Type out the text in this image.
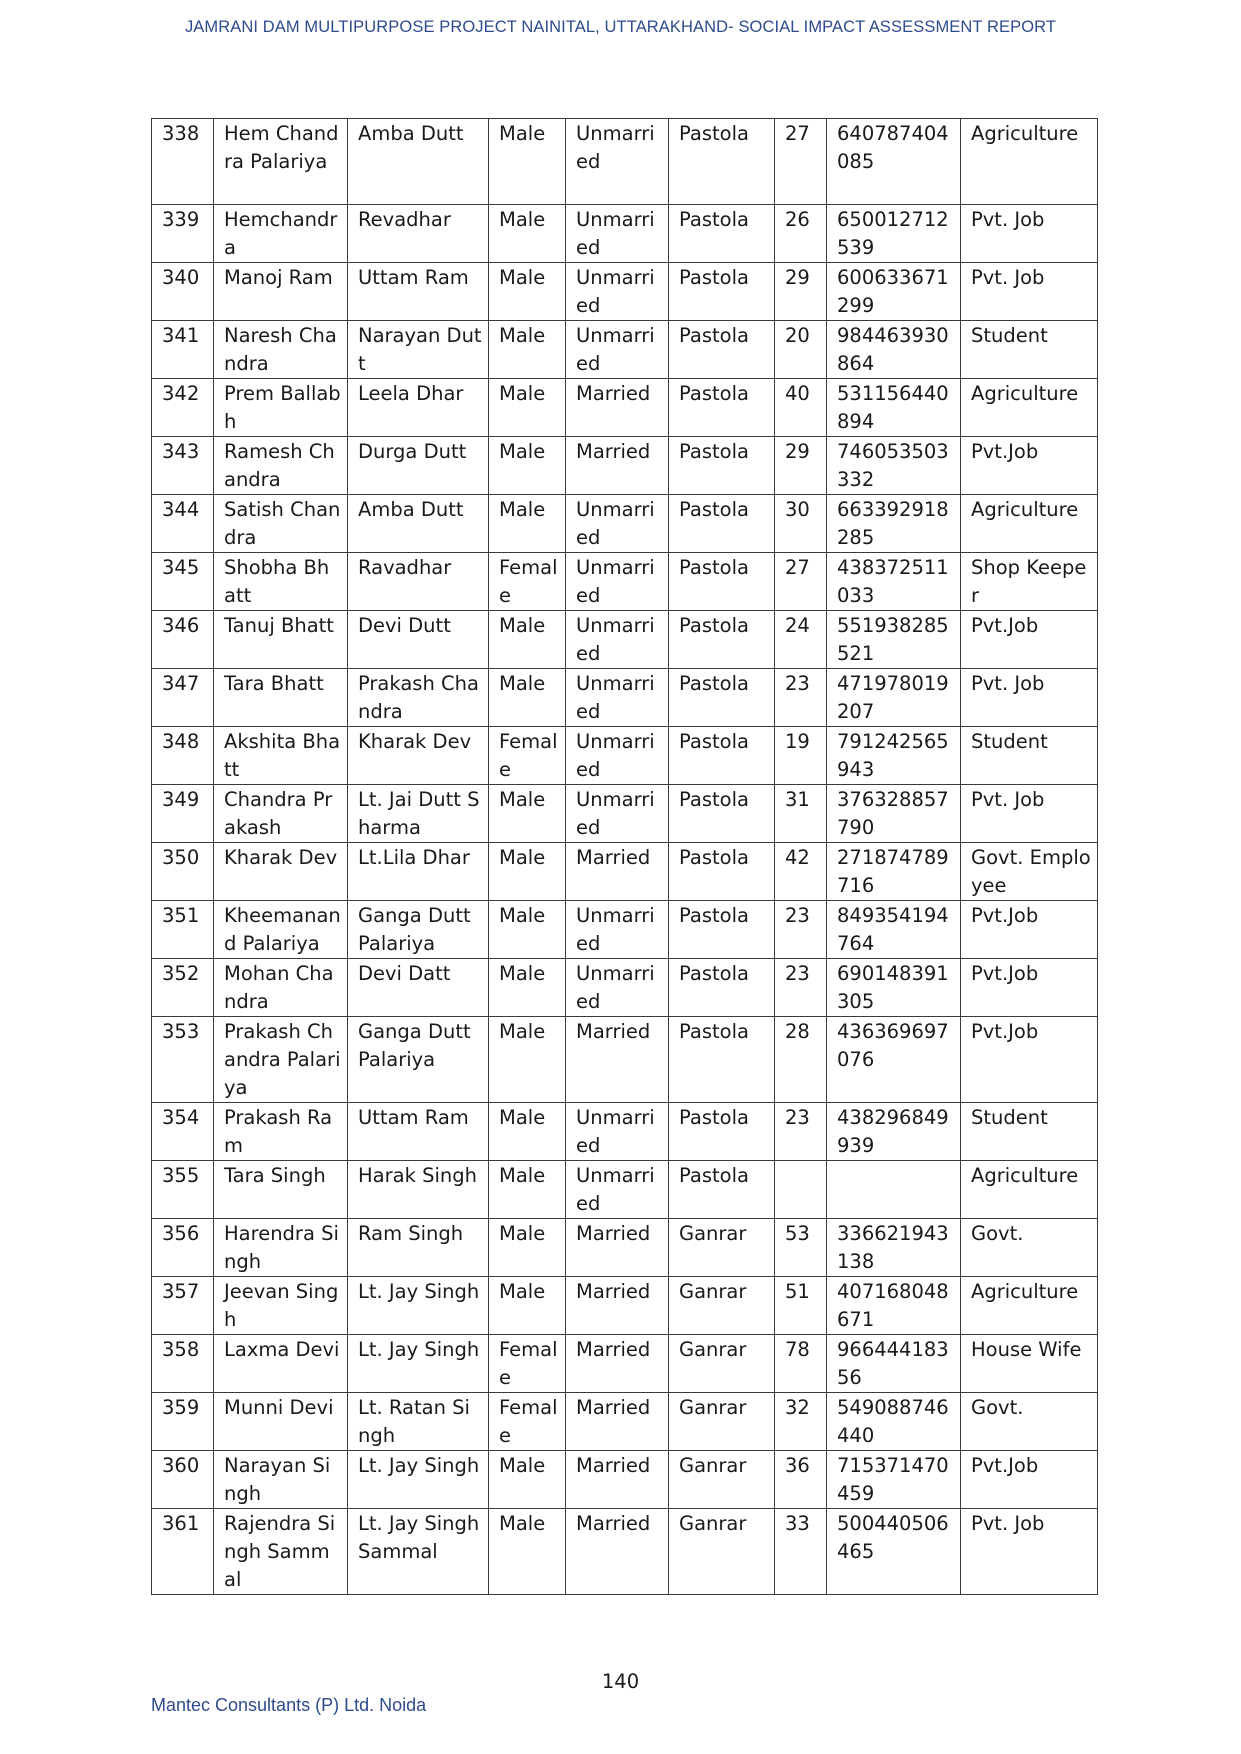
JAMRANI DAM MULTIPURPOSE PROJECT NAINITAL, UTTARAKHAND- SOCIAL IMPACT ASSESSMENT REPORT
338	Hem Chandra Palariya	Amba Dutt	Male	Unmarried	Pastola	27	640787404085	Agriculture
339	Hemchandra	Revadhar	Male	Unmarried	Pastola	26	650012712539	Pvt. Job
340	Manoj Ram	Uttam Ram	Male	Unmarried	Pastola	29	600633671299	Pvt. Job
341	Naresh Chandra	Narayan Dutt	Male	Unmarried	Pastola	20	984463930864	Student
342	Prem Ballabh	Leela Dhar	Male	Married	Pastola	40	531156440894	Agriculture
343	Ramesh Chandra	Durga Dutt	Male	Married	Pastola	29	746053503332	Pvt.Job
344	Satish Chandra	Amba Dutt	Male	Unmarried	Pastola	30	663392918285	Agriculture
345	Shobha Bhatt	Ravadhar	Female	Unmarried	Pastola	27	438372511033	Shop Keeper
346	Tanuj Bhatt	Devi Dutt	Male	Unmarried	Pastola	24	551938285521	Pvt.Job
347	Tara Bhatt	Prakash Chandra	Male	Unmarried	Pastola	23	471978019207	Pvt. Job
348	Akshita Bhatt	Kharak Dev	Female	Unmarried	Pastola	19	791242565943	Student
349	Chandra Prakash	Lt. Jai Dutt Sharma	Male	Unmarried	Pastola	31	376328857790	Pvt. Job
350	Kharak Dev	Lt.Lila Dhar	Male	Married	Pastola	42	271874789716	Govt. Employee
351	Kheemanand Palariya	Ganga Dutt Palariya	Male	Unmarried	Pastola	23	849354194764	Pvt.Job
352	Mohan Chandra	Devi Datt	Male	Unmarried	Pastola	23	690148391305	Pvt.Job
353	Prakash Chandra Palariya	Ganga Dutt Palariya	Male	Married	Pastola	28	436369697076	Pvt.Job
354	Prakash Ram	Uttam Ram	Male	Unmarried	Pastola	23	438296849939	Student
355	Tara Singh	Harak Singh	Male	Unmarried	Pastola			Agriculture
356	Harendra Singh	Ram Singh	Male	Married	Ganrar	53	336621943138	Govt.
357	Jeevan Singh	Lt. Jay Singh	Male	Married	Ganrar	51	407168048671	Agriculture
358	Laxma Devi	Lt. Jay Singh	Female	Married	Ganrar	78	96644418356	House Wife
359	Munni Devi	Lt. Ratan Singh	Female	Married	Ganrar	32	549088746440	Govt.
360	Narayan Singh	Lt. Jay Singh	Male	Married	Ganrar	36	715371470459	Pvt.Job
361	Rajendra Singh Sammal	Lt. Jay Singh Sammal	Male	Married	Ganrar	33	500440506465	Pvt. Job
140
Mantec Consultants (P) Ltd. Noida
